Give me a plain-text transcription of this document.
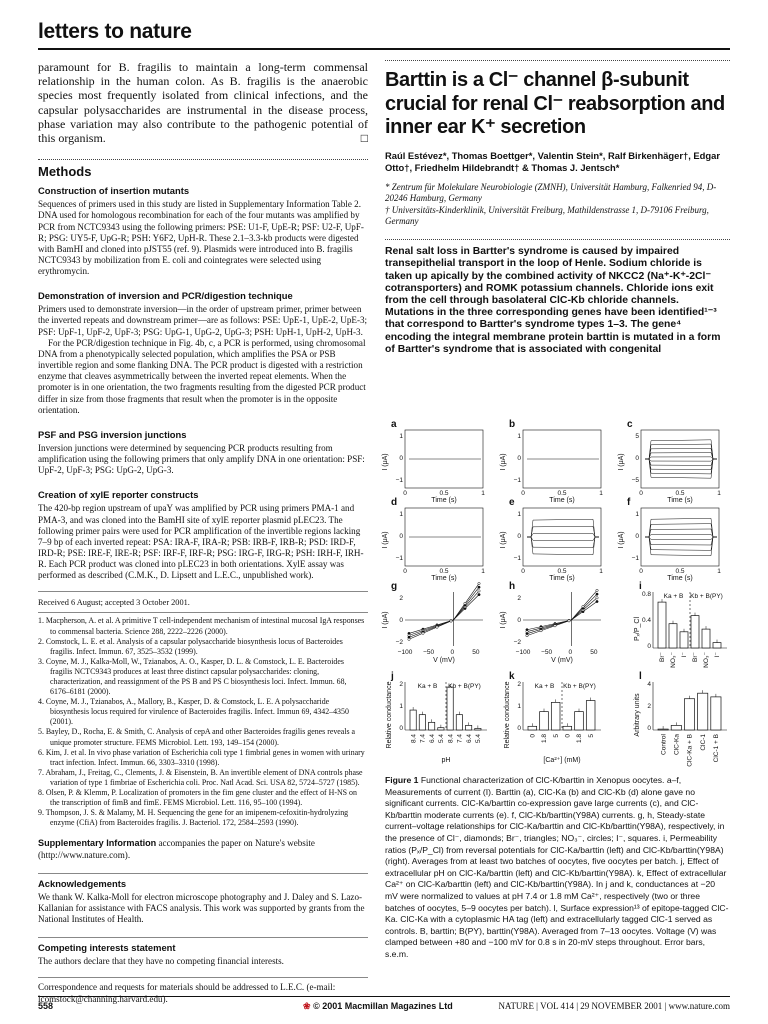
letters to nature

paramount for B. fragilis to maintain a long-term commensal relationship in the human colon. As B. fragilis is the anaerobic species most frequently isolated from clinical infections, and the capsular polysaccharides are instrumental in the disease process, phase variation may also contribute to the pathogenic potential of this organism.	□

Methods
Construction of insertion mutants

Sequences of primers used in this study are listed in Supplementary Information Table 2. DNA used for homologous recombination for each of the four mutants was amplified by PCR from NCTC9343 using the following primers: PSE: U1-F, UpE-R; PSF: U2-F, UpF-R; PSG: UY5-F, UpG-R; PSH: Y6F2, UpH-R. These 2.1–3.3-kb products were digested with BamHI and cloned into pJST55 (ref. 9). Plasmids were introduced into B. fragilis NCTC9343 by mobilization from E. coli and cointegrates were selected using erythromycin.

Demonstration of inversion and PCR/digestion technique

Primers used to demonstrate inversion—in the order of upstream primer, primer between the inverted repeats and downstream primer—are as follows: PSE: UpE-1, UpE-2, UpE-3; PSF: UpF-1, UpF-2, UpF-3; PSG: UpG-1, UpG-2, UpG-3; PSH: UpH-1, UpH-2, UpH-3.

For the PCR/digestion technique in Fig. 4b, c, a PCR is performed, using chromosomal DNA from a phenotypically selected population, which amplifies the PSA or PSB invertible region and some flanking DNA. The PCR product is digested with a restriction enzyme that cleaves asymmetrically between the inverted repeat elements. When the promoter is in one orientation, the two fragments resulting from the digested PCR product differ in size from those fragments that result when the promoter is in the opposite orientation.

PSF and PSG inversion junctions

Inversion junctions were determined by sequencing PCR products resulting from amplification using the following primers that only amplify DNA in one orientation: PSF: UpF-2, UpF-3; PSG: UpG-2, UpG-3.

Creation of xylE reporter constructs

The 420-bp region upstream of upaY was amplified by PCR using primers PMA-1 and PMA-3, and was cloned into the BamHI site of xylE reporter plasmid pLEC23. The following primer pairs were used for PCR amplification of the invertible regions lacking 7–9 bp of each inverted repeat: PSA: IRA-F, IRA-R; PSB: IRB-F, IRB-R; PSD: IRD-F, IRD-R; PSE: IRE-F, IRE-R; PSF: IRF-F, IRF-R; PSG: IRG-F, IRG-R; PSH: IRH-F, IRH-R. Each PCR product was cloned into pLEC23 in both orientations. XylE assay was performed as described (C.M.K., D. Lipsett and L.E.C., unpublished work).

Received 6 August; accepted 3 October 2001.

1. Macpherson, A. et al. A primitive T cell-independent mechanism of intestinal mucosal IgA responses to commensal bacteria. Science 288, 2222–2226 (2000).
2. Comstock, L. E. et al. Analysis of a capsular polysaccharide biosynthesis locus of Bacteroides fragilis. Infect. Immun. 67, 3525–3532 (1999).
3. Coyne, M. J., Kalka-Moll, W., Tzianabos, A. O., Kasper, D. L. & Comstock, L. E. Bacteroides fragilis NCTC9343 produces at least three distinct capsular polysaccharides: cloning, characterization, and reassignment of the PS B and PS C biosynthesis loci. Infect. Immun. 68, 6176–6181 (2000).
4. Coyne, M. J., Tzianabos, A., Mallory, B., Kasper, D. & Comstock, L. E. A polysaccharide biosynthesis locus required for virulence of Bacteroides fragilis. Infect. Immun 69, 4342–4350 (2001).
5. Bayley, D., Rocha, E. & Smith, C. Analysis of cepA and other Bacteroides fragilis genes reveals a unique promoter structure. FEMS Microbiol. Lett. 193, 149–154 (2000).
6. Kim, J. et al. In vivo phase variation of Escherichia coli type 1 fimbrial genes in women with urinary tract infection. Infect. Immun. 66, 3303–3310 (1998).
7. Abraham, J., Freitag, C., Clements, J. & Eisenstein, B. An invertible element of DNA controls phase variation of type 1 fimbriae of Escherichia coli. Proc. Natl Acad. Sci. USA 82, 5724–5727 (1985).
8. Olsen, P. & Klemm, P. Localization of promoters in the fim gene cluster and the effect of H-NS on the transcription of fimB and fimE. FEMS Microbiol. Lett. 116, 95–100 (1994).
9. Thompson, J. S. & Malamy, M. H. Sequencing the gene for an imipenem-cefoxitin-hydrolyzing enzyme (CfiA) from Bacteroides fragilis. J. Bacteriol. 172, 2584–2593 (1990).

Supplementary Information accompanies the paper on Nature's website (http://www.nature.com).

Acknowledgements

We thank W. Kalka-Moll for electron microscope photography and J. Daley and S. Lazo-Kallanian for assistance with FACS analysis. This work was supported by grants from the National Institutes of Health.

Competing interests statement

The authors declare that they have no competing financial interests.

Correspondence and requests for materials should be addressed to L.E.C. (e-mail: lcomstock@channing.harvard.edu).

Barttin is a Cl⁻ channel β-subunit crucial for renal Cl⁻ reabsorption and inner ear K⁺ secretion

Raúl Estévez*, Thomas Boettger*, Valentin Stein*, Ralf Birkenhäger†, Edgar Otto†, Friedhelm Hildebrandt† & Thomas J. Jentsch*

* Zentrum für Molekulare Neurobiologie (ZMNH), Universität Hamburg, Falkenried 94, D-20246 Hamburg, Germany

† Universitäts-Kinderklinik, Universität Freiburg, Mathildenstrasse 1, D-79106 Freiburg, Germany

Renal salt loss in Bartter's syndrome is caused by impaired transepithelial transport in the loop of Henle. Sodium chloride is taken up apically by the combined activity of NKCC2 (Na⁺-K⁺-2Cl⁻ cotransporters) and ROMK potassium channels. Chloride ions exit from the cell through basolateral ClC-Kb chloride channels. Mutations in the three corresponding genes have been identified¹⁻³ that correspond to Bartter's syndrome types 1–3. The gene⁴ encoding the integral membrane protein barttin is mutated in a form of Bartter's syndrome that is associated with congenital

a
1
0
−1
I (μA)
0	0.5	1
Time (s)
b
1
0
−1
I (μA)
0	0.5	1
Time (s)
c
5
0
−5
I (μA)
0	0.5	1
Time (s)
d
1
0
−1
I (μA)
0	0.5	1
Time (s)
e
1
0
−1
I (μA)
0	0.5	1
Time (s)
f
1
0
−1
I (μA)
0	0.5	1
Time (s)
g
2
0
−2
I (μA)
−100 −50	0	50
V (mV)
h
2
0
−2
I (μA)
−100 −50	0	50
V (mV)
i
0.8
0.4
0
Pₓ/P_Cl
Br⁻ NO₃⁻ I⁻ Br⁻ NO₃⁻ I⁻
Ka + B Kb + B(PY)
j
2
1
0
Relative conductance	8.4 7.4 6.4 5.4 8.4 7.4 6.4 5.4
Ka + B Kb + B(PY)
pH
k
2
1
0
Relative conductance	0 1.8 5 0 1.8 5
Ka + B Kb + B(PY)
[Ca²⁺] (mM)
l
4
2
0
Arbitrary units
Control ClC-Ka ClC-Ka + B ClC-1 ClC-1 + B

Figure 1 Functional characterization of ClC-K/barttin in Xenopus oocytes. a–f, Measurements of current (I). Barttin (a), ClC-Ka (b) and ClC-Kb (d) alone gave no significant currents. ClC-Ka/barttin co-expression gave large currents (c), and ClC-Kb/barttin moderate currents (e). f, ClC-Kb/barttin(Y98A) currents. g, h, Steady-state current–voltage relationships for ClC-Ka/barttin and ClC-Kb/barttin(Y98A), respectively, in the presence of Cl⁻, diamonds; Br⁻, triangles; NO₃⁻, circles; I⁻, squares. i, Permeability ratios (Pₓ/P_Cl) from reversal potentials for ClC-Ka/barttin (left) and ClC-Kb/barttin(Y98A) (right). Averages from at least two batches of oocytes, five oocytes per batch. j, Effect of extracellular pH on ClC-Ka/barttin (left) and ClC-Kb/barttin(Y98A). k, Effect of extracellular Ca²⁺ on ClC-Ka/barttin (left) and ClC-Kb/barttin(Y98A). In j and k, conductances at −20 mV were normalized to values at pH 7.4 or 1.8 mM Ca²⁺, respectively (two or three batches of oocytes, 5–9 oocytes per batch). l, Surface expression¹³ of epitope-tagged ClC-Ka. ClC-Ka with a cytoplasmic HA tag (left) and extracellularly tagged ClC-1 served as controls. B, barttin; B(PY), barttin(Y98A). Averaged from 7–13 oocytes. Voltage (V) was clamped between +80 and −100 mV for 0.8 s in 20-mV steps throughout. Error bars, s.e.m.

558	❀ © 2001 Macmillan Magazines Ltd	NATURE | VOL 414 | 29 NOVEMBER 2001 | www.nature.com
